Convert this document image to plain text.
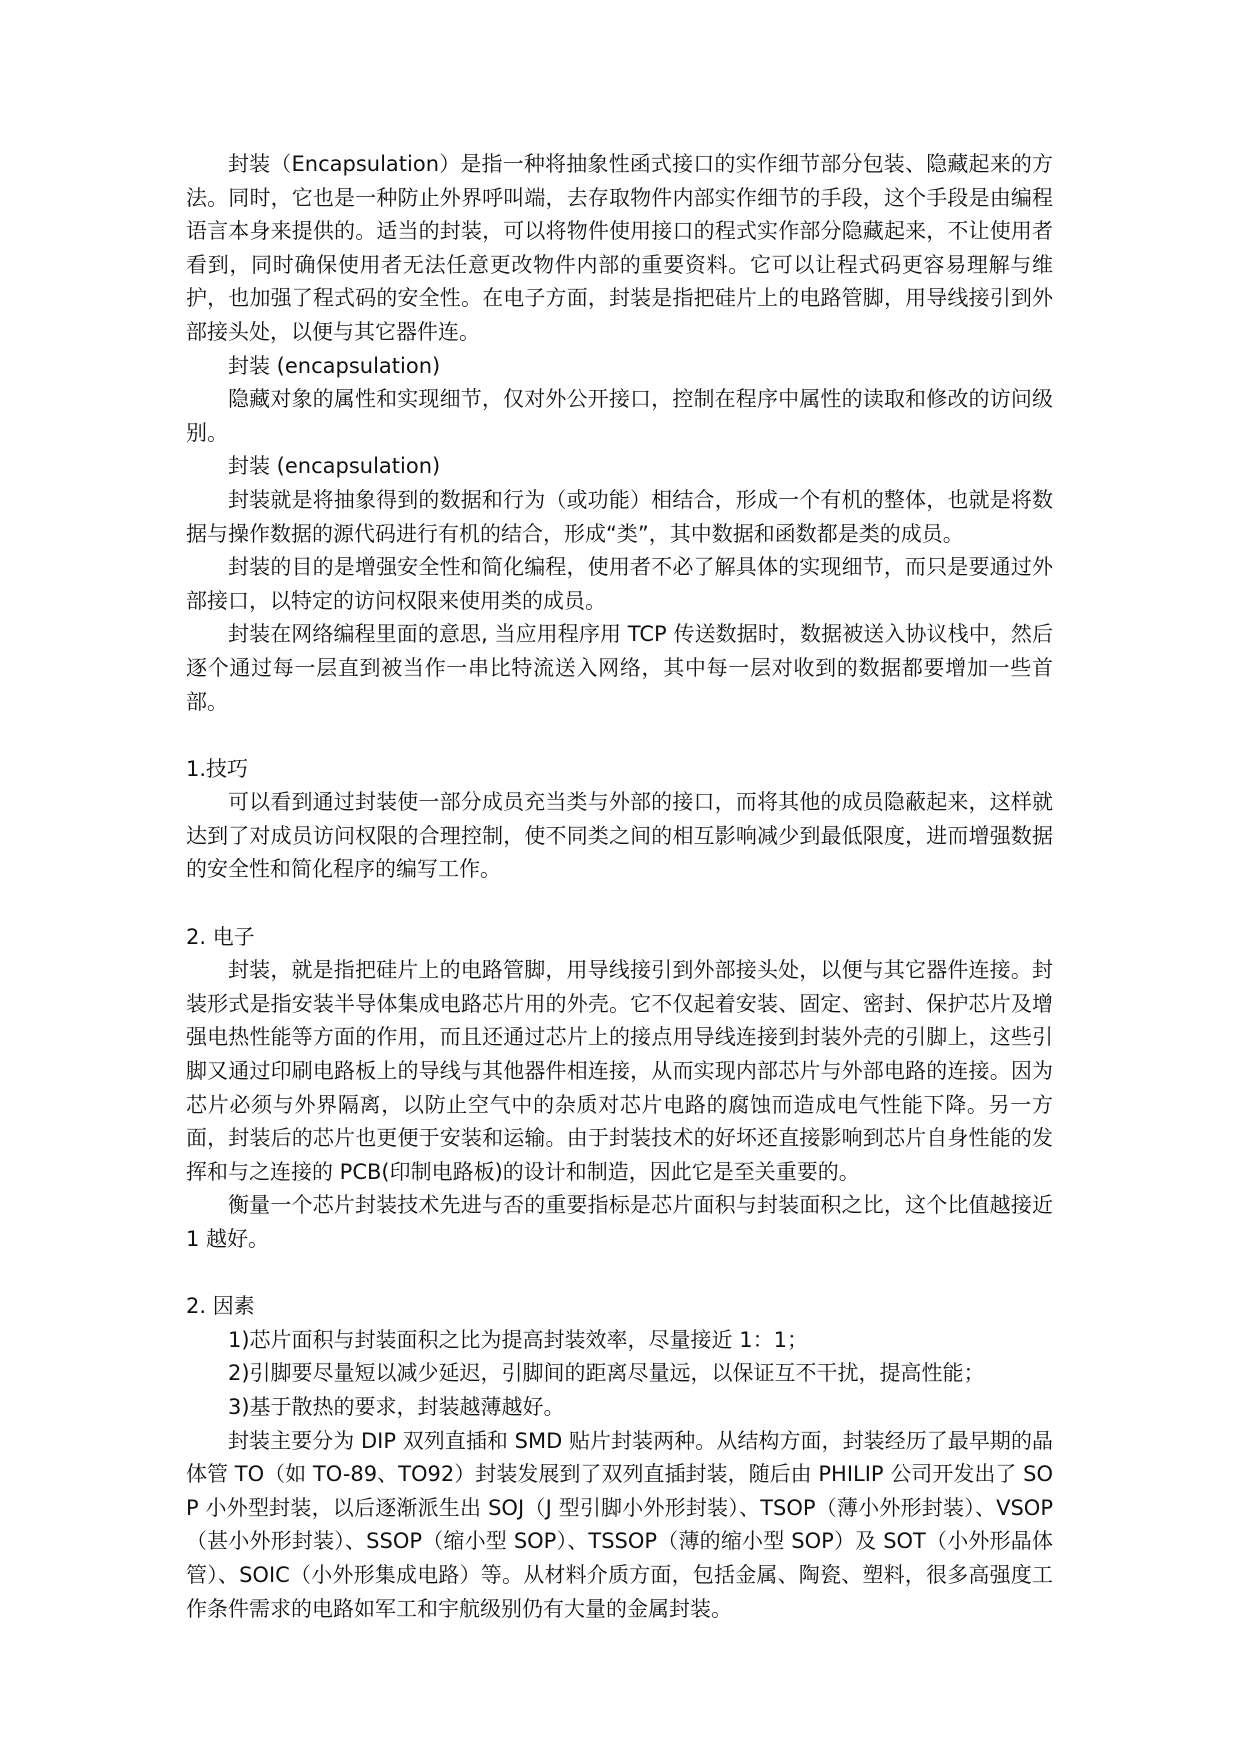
封装（Encapsulation）是指一种将抽象性函式接口的实作细节部分包装、隐藏起来的方法。同时，它也是一种防止外界呼叫端，去存取物件内部实作细节的手段，这个手段是由编程语言本身来提供的。适当的封装，可以将物件使用接口的程式实作部分隐藏起来，不让使用者看到，同时确保使用者无法任意更改物件内部的重要资料。它可以让程式码更容易理解与维护，也加强了程式码的安全性。在电子方面，封装是指把硅片上的电路管脚，用导线接引到外部接头处，以便与其它器件连。

封装 (encapsulation)

隐藏对象的属性和实现细节，仅对外公开接口，控制在程序中属性的读取和修改的访问级别。

封装 (encapsulation)

封装就是将抽象得到的数据和行为（或功能）相结合，形成一个有机的整体，也就是将数据与操作数据的源代码进行有机的结合，形成“类”，其中数据和函数都是类的成员。

封装的目的是增强安全性和简化编程，使用者不必了解具体的实现细节，而只是要通过外部接口，以特定的访问权限来使用类的成员。

封装在网络编程里面的意思, 当应用程序用 TCP 传送数据时，数据被送入协议栈中，然后逐个通过每一层直到被当作一串比特流送入网络，其中每一层对收到的数据都要增加一些首部。

1.技巧

可以看到通过封装使一部分成员充当类与外部的接口，而将其他的成员隐蔽起来，这样就达到了对成员访问权限的合理控制，使不同类之间的相互影响减少到最低限度，进而增强数据的安全性和简化程序的编写工作。

2. 电子

封装，就是指把硅片上的电路管脚，用导线接引到外部接头处，以便与其它器件连接。封装形式是指安装半导体集成电路芯片用的外壳。它不仅起着安装、固定、密封、保护芯片及增强电热性能等方面的作用，而且还通过芯片上的接点用导线连接到封装外壳的引脚上，这些引脚又通过印刷电路板上的导线与其他器件相连接，从而实现内部芯片与外部电路的连接。因为芯片必须与外界隔离，以防止空气中的杂质对芯片电路的腐蚀而造成电气性能下降。另一方面，封装后的芯片也更便于安装和运输。由于封装技术的好坏还直接影响到芯片自身性能的发挥和与之连接的 PCB(印制电路板)的设计和制造，因此它是至关重要的。

衡量一个芯片封装技术先进与否的重要指标是芯片面积与封装面积之比，这个比值越接近 1 越好。

2. 因素

1)芯片面积与封装面积之比为提高封装效率，尽量接近 1：1；

2)引脚要尽量短以减少延迟，引脚间的距离尽量远，以保证互不干扰，提高性能；

3)基于散热的要求，封装越薄越好。

封装主要分为 DIP 双列直插和 SMD 贴片封装两种。从结构方面，封装经历了最早期的晶体管 TO（如 TO-89、TO92）封装发展到了双列直插封装，随后由 PHILIP 公司开发出了 SOP 小外型封装，以后逐渐派生出 SOJ（J 型引脚小外形封装）、TSOP（薄小外形封装）、VSOP（甚小外形封装）、SSOP（缩小型 SOP）、TSSOP（薄的缩小型 SOP）及 SOT（小外形晶体管）、SOIC（小外形集成电路）等。从材料介质方面，包括金属、陶瓷、塑料，很多高强度工作条件需求的电路如军工和宇航级别仍有大量的金属封装。
